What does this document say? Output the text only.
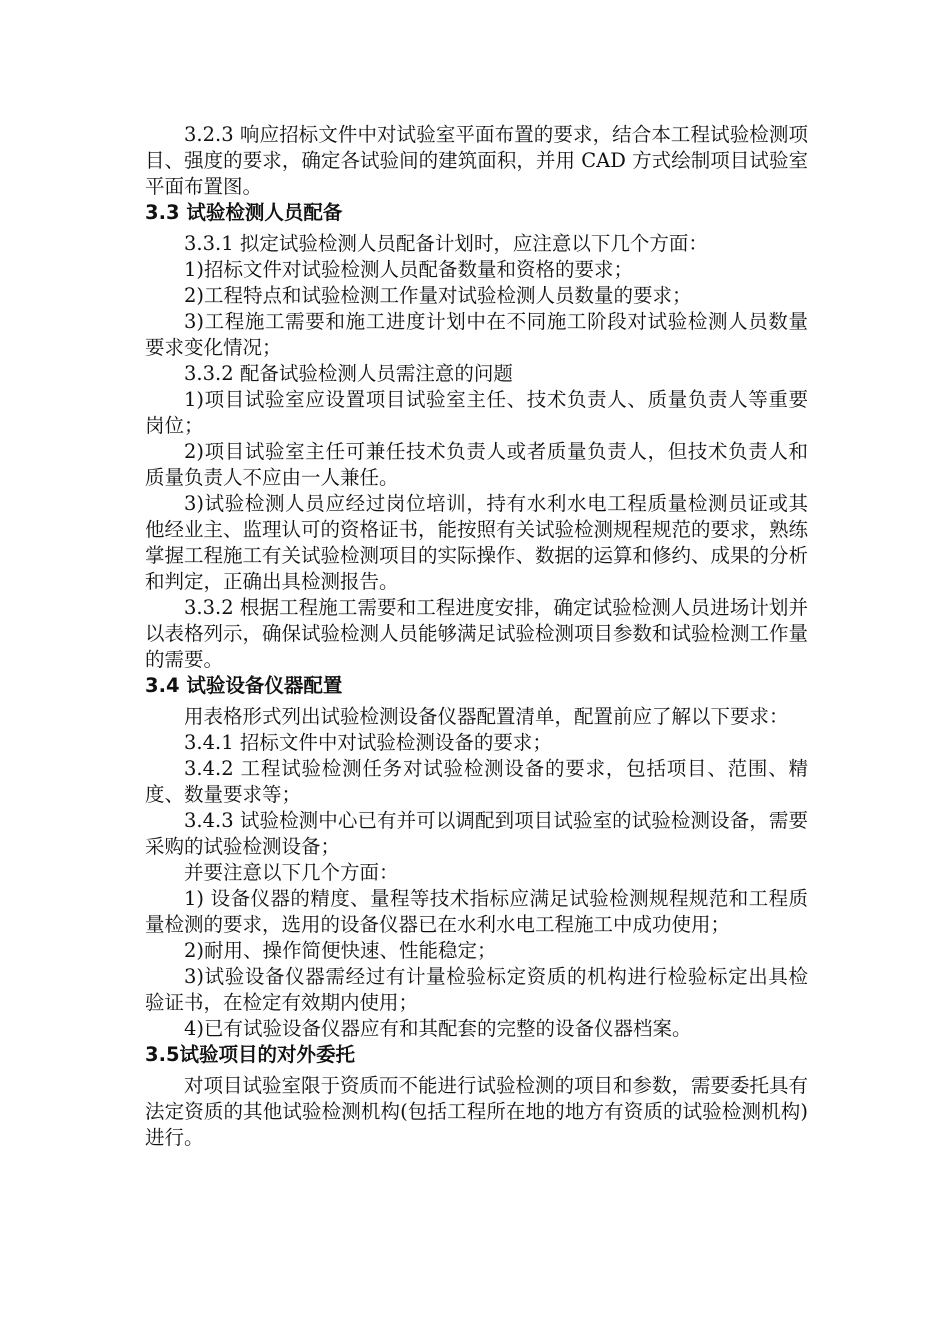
3.2.3 响应招标文件中对试验室平面布置的要求，结合本工程试验检测项目、强度的要求，确定各试验间的建筑面积，并用 CAD 方式绘制项目试验室平面布置图。

3.3 试验检测人员配备

3.3.1 拟定试验检测人员配备计划时，应注意以下几个方面：

1)招标文件对试验检测人员配备数量和资格的要求；

2)工程特点和试验检测工作量对试验检测人员数量的要求；

3)工程施工需要和施工进度计划中在不同施工阶段对试验检测人员数量要求变化情况；

3.3.2 配备试验检测人员需注意的问题

1)项目试验室应设置项目试验室主任、技术负责人、质量负责人等重要岗位；

2)项目试验室主任可兼任技术负责人或者质量负责人，但技术负责人和质量负责人不应由一人兼任。

3)试验检测人员应经过岗位培训，持有水利水电工程质量检测员证或其他经业主、监理认可的资格证书，能按照有关试验检测规程规范的要求，熟练掌握工程施工有关试验检测项目的实际操作、数据的运算和修约、成果的分析和判定，正确出具检测报告。

3.3.2 根据工程施工需要和工程进度安排，确定试验检测人员进场计划并以表格列示，确保试验检测人员能够满足试验检测项目参数和试验检测工作量的需要。

3.4 试验设备仪器配置

用表格形式列出试验检测设备仪器配置清单，配置前应了解以下要求：

3.4.1 招标文件中对试验检测设备的要求；

3.4.2 工程试验检测任务对试验检测设备的要求，包括项目、范围、精度、数量要求等；

3.4.3 试验检测中心已有并可以调配到项目试验室的试验检测设备，需要采购的试验检测设备；

并要注意以下几个方面：

1) 设备仪器的精度、量程等技术指标应满足试验检测规程规范和工程质量检测的要求，选用的设备仪器已在水利水电工程施工中成功使用；

2)耐用、操作简便快速、性能稳定；

3)试验设备仪器需经过有计量检验标定资质的机构进行检验标定出具检验证书，在检定有效期内使用；

4)已有试验设备仪器应有和其配套的完整的设备仪器档案。

3.5试验项目的对外委托

对项目试验室限于资质而不能进行试验检测的项目和参数，需要委托具有法定资质的其他试验检测机构(包括工程所在地的地方有资质的试验检测机构)进行。
